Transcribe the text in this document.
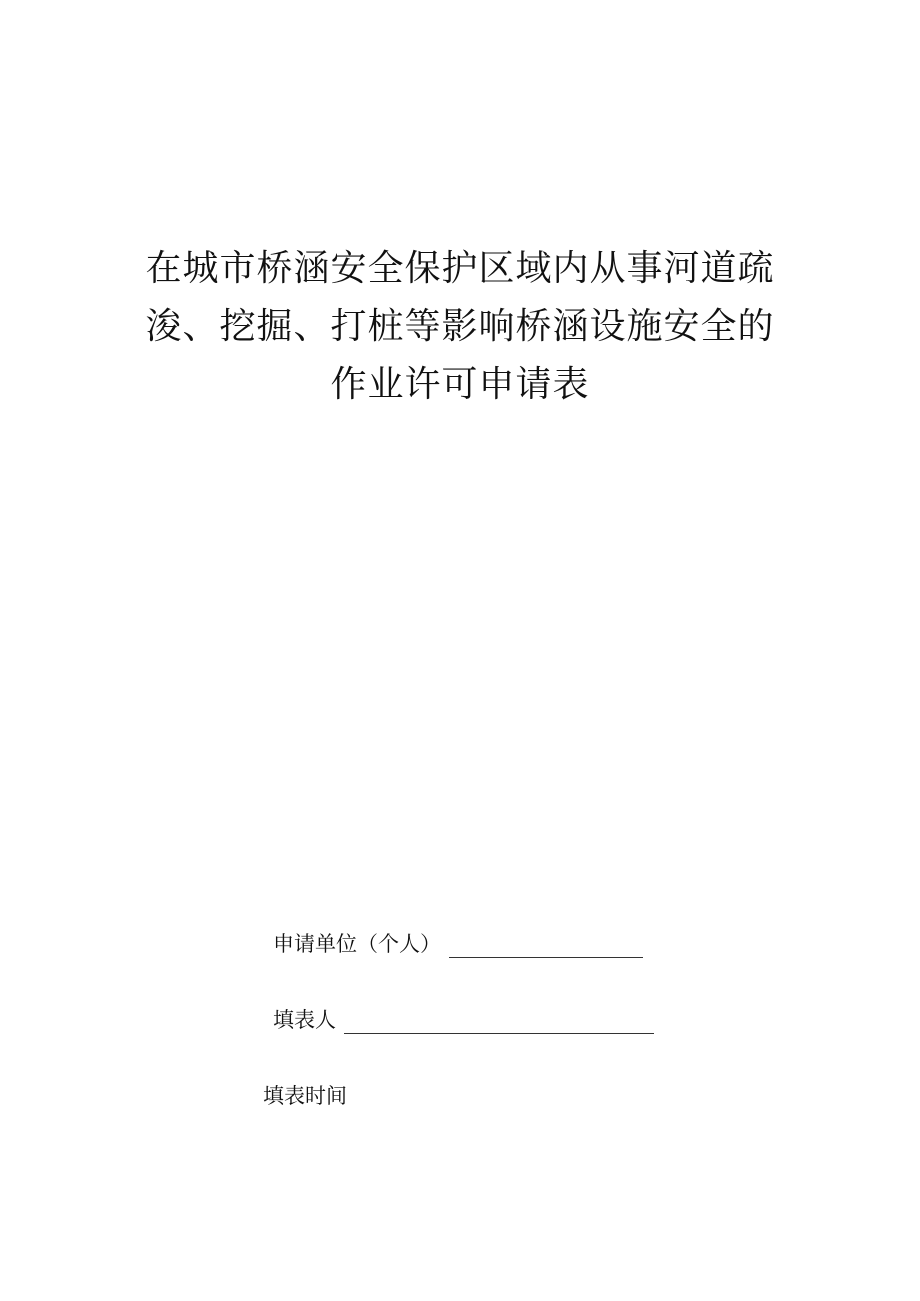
在城市桥涵安全保护区域内从事河道疏
浚、挖掘、打桩等影响桥涵设施安全的
作业许可申请表
申请单位（个人）
填表人
填表时间
